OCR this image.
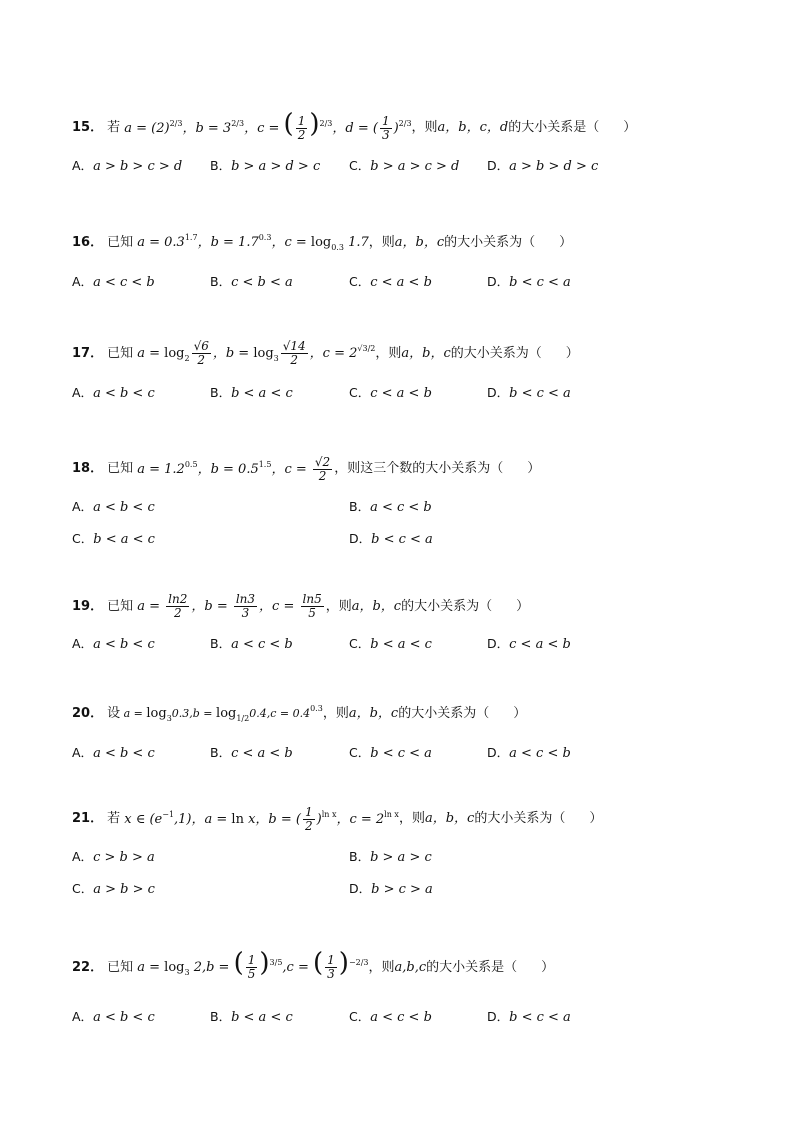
15． 若 $a = (2)^{2/3}$，$b = 3^{2/3}$，c = ( $\frac{1}{2} )^{2/3}$，d = ( $\frac{1}{3} )^{2/3}$ ，则 a，b，c，d 的大小关系是（ ）
A．a > b > c > d B．b > a > d > c C．b > a > c > d D．a > b > d > c
16． 已知 $a = 0.3^{1.7}$，$b = 1.7^{0.3}$，$c = \log_{0.3} 1.7$ ，则 a，b，c 的大小关系为（ ）
A．a < c < b	B．c < b < a	C．c < a < b	D．b < c < a
17． 已知 $a = \log_2 \frac{√6}{2}$ ，$b = \log_3 \frac{√14}{2}$ ，$c = 2^{√3/2}$ ，则 a，b，c 的大小关系为（ ）
A．a < b < c	B．b < a < c	C．c < a < b	D．b < c < a
18． 已知 $a = 1.2^{0.5}$，$b = 0.5^{1.5}$，$c = \frac{√2}{2}$ ，则这三个数的大小关系为（ ）
A．a < b < c	B．a < c < b
C．b < a < c	D．b < c < a
19． 已知 $a = \frac{\ln 2}{2}$ ，$b = \frac{\ln 3}{3}$ ，$c = \frac{\ln 5}{5}$ ，则 a，b，c 的大小关系为（ ）
A．a < b < c	B．a < c < b	C．b < a < c	D．c < a < b
20． 设 $a = \log_30.3,b = \log_{1/2}0.4,c = 0.4^{0.3}$ ，则 a，b，c 的大小关系为（ ）
A．a < b < c	B．c < a < b	C．b < c < a	D．a < c < b
21． 若 x ∈ $(e^{-1},1)$，a = ln x，b = ( $\frac{1}{2} )^{ln x}$，$c = 2^{ln x}$ ，则 a，b，c 的大小关系为（ ）
A．c > b > a	B．b > a > c
C．a > b > c	D．b > c > a
22． 已知 $a = \log_3 2,b$ = ( $\frac{1}{5} )^{3/5},c$ = ( $\frac{1}{3} )^{-2/3}$ ，则 a,b,c 的大小关系是（ ）
A．a < b < c	B．b < a < c	C．a < c < b	D．b < c < a
